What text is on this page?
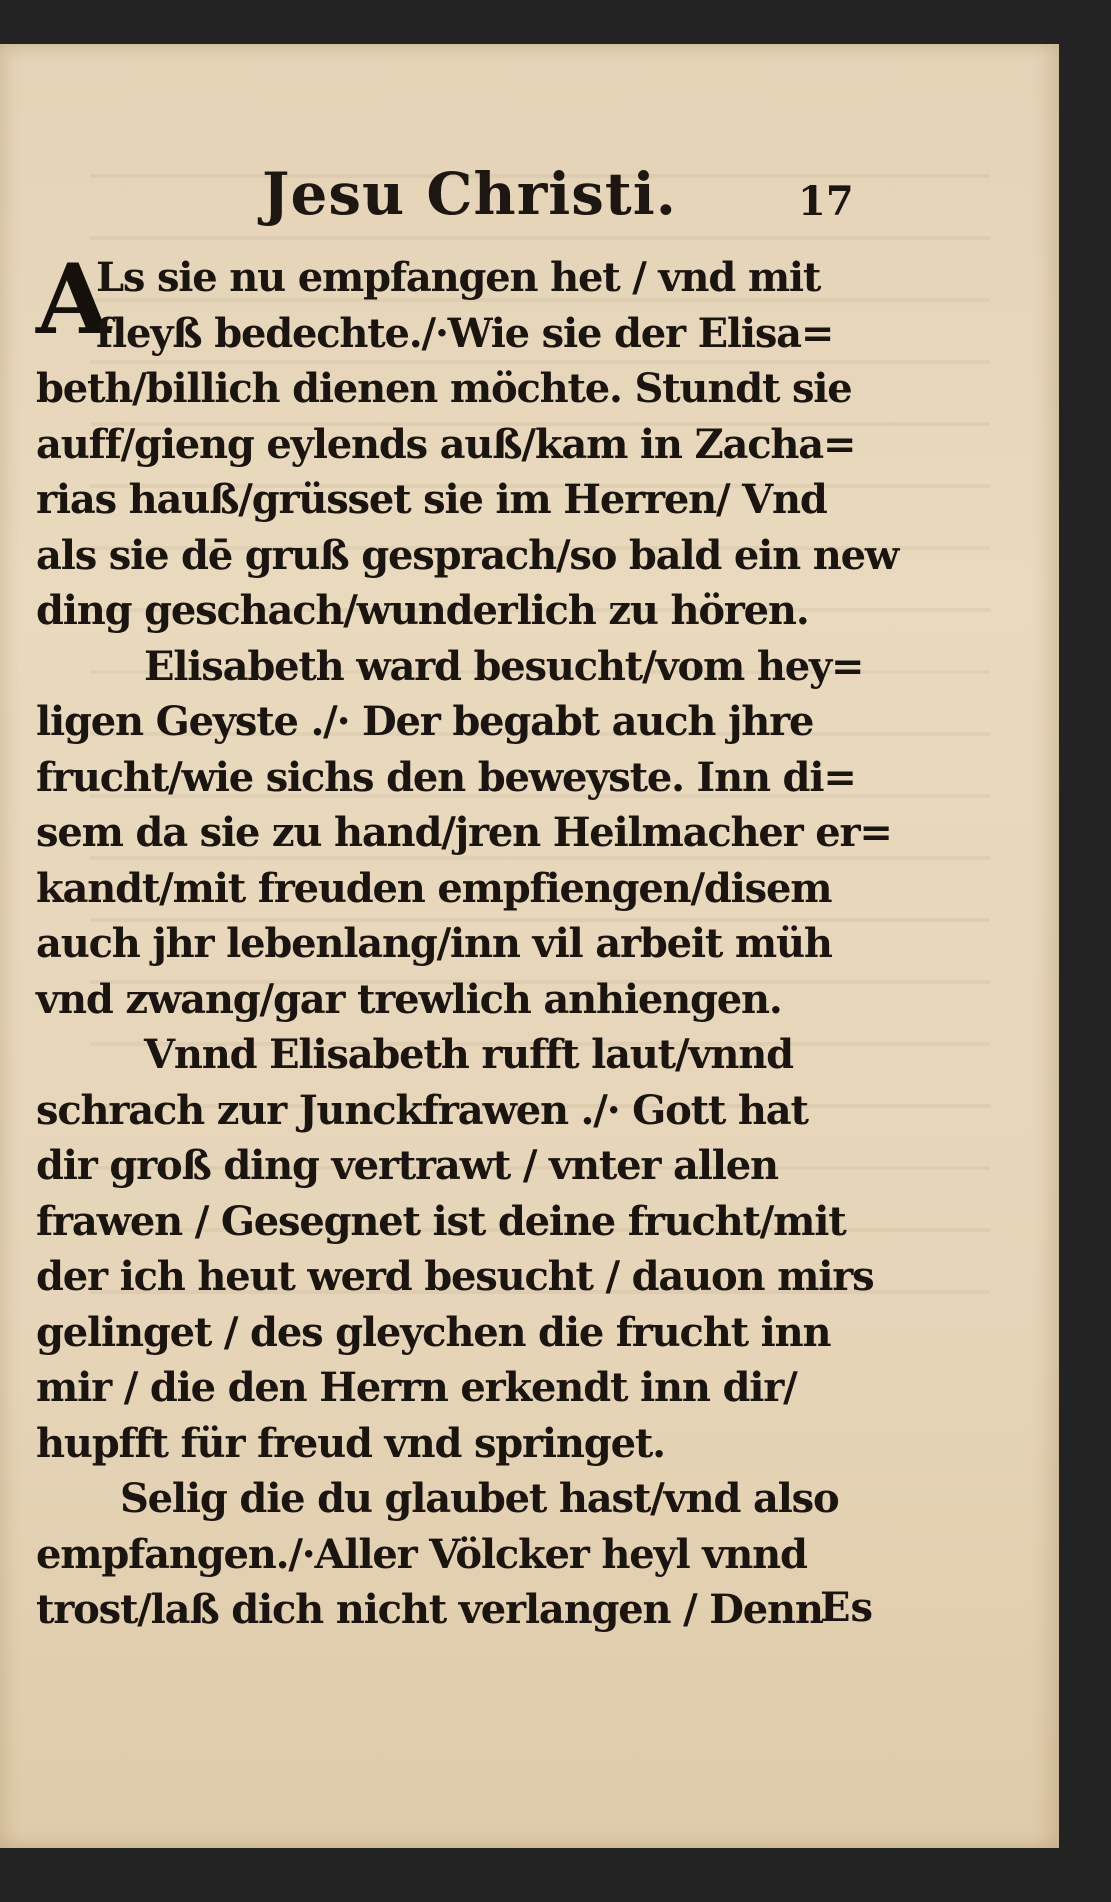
Jesu Christi.	17
A
Ls sie nu empfangen het / vnd mit
fleyß bedechte./·Wie sie der Elisa=
beth/billich dienen möchte. Stundt sie
auff/gieng eylends auß/kam in Zacha=
rias hauß/grüsset sie im Herren/ Vnd
als sie dē gruß gesprach/so bald ein new
ding geschach/wunderlich zu hören.
Elisabeth ward besucht/vom hey=
ligen Geyste ./· Der begabt auch jhre
frucht/wie sichs den beweyste. Inn di=
sem da sie zu hand/jren Heilmacher er=
kandt/mit freuden empfiengen/disem
auch jhr lebenlang/inn vil arbeit müh
vnd zwang/gar trewlich anhiengen.
Vnnd Elisabeth rufft laut/vnnd
schrach zur Junckfrawen ./· Gott hat
dir groß ding vertrawt / vnter allen
frawen / Gesegnet ist deine frucht/mit
der ich heut werd besucht / dauon mirs
gelinget / des gleychen die frucht inn
mir / die den Herrn erkendt inn dir/
hupfft für freud vnd springet.
Selig die du glaubet hast/vnd also
empfangen./·Aller Völcker heyl vnnd
trost/laß dich nicht verlangen / Denn
Es
